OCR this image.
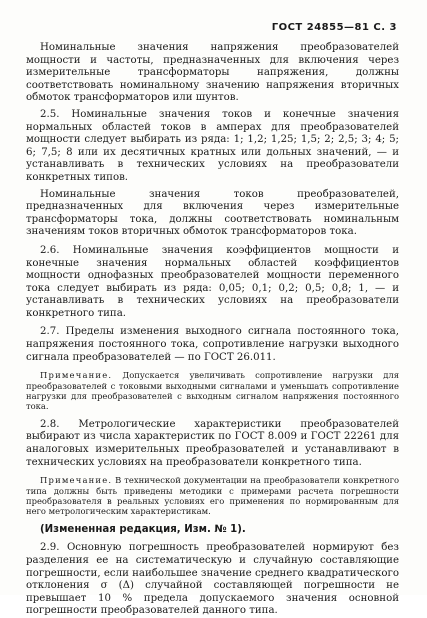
ГОСТ 24855—81 С. 3

Номинальные значения напряжения преобразователей мощности и частоты, предназначенных для включения через измерительные трансформаторы напряжения, должны соответствовать номинальному значению напряжения вторичных обмоток трансформаторов или шунтов.

2.5. Номинальные значения токов и конечные значения нормальных областей токов в амперах для преобразователей мощности следует выбирать из ряда: 1; 1,2; 1,25; 1,5; 2; 2,5; 3; 4; 5; 6; 7,5; 8 или их десятичных кратных или дольных значений, — и устанавливать в технических условиях на преобразователи конкретных типов.

Номинальные значения токов преобразователей, предназначенных для включения через измерительные трансформаторы тока, должны соответствовать номинальным значениям токов вторичных обмоток трансформаторов тока.

2.6. Номинальные значения коэффициентов мощности и конечные значения нормальных областей коэффициентов мощности однофазных преобразователей мощности переменного тока следует выбирать из ряда: 0,05; 0,1; 0,2; 0,5; 0,8; 1, — и устанавливать в технических условиях на преобразователи конкретного типа.

2.7. Пределы изменения выходного сигнала постоянного тока, напряжения постоянного тока, сопротивление нагрузки выходного сигнала преобразователей — по ГОСТ 26.011.

Примечание. Допускается увеличивать сопротивление нагрузки для преобразователей с токовыми выходными сигналами и уменьшать сопротивление нагрузки для преобразователей с выходным сигналом напряжения постоянного тока.

2.8. Метрологические характеристики преобразователей выбирают из числа характеристик по ГОСТ 8.009 и ГОСТ 22261 для аналоговых измерительных преобразователей и устанавливают в технических условиях на преобразователи конкретного типа.

Примечание. В технической документации на преобразователи конкретного типа должны быть приведены методики с примерами расчета погрешности преобразователя в реальных условиях его применения по нормированным для него метрологическим характеристикам.

(Измененная редакция, Изм. № 1).

2.9. Основную погрешность преобразователей нормируют без разделения ее на систематическую и случайную составляющие погрешности, если наибольшее значение среднего квадратического отклонения σ (Δ) случайной составляющей погрешности не превышает 10 % предела допускаемого значения основной погрешности преобразователей данного типа.
